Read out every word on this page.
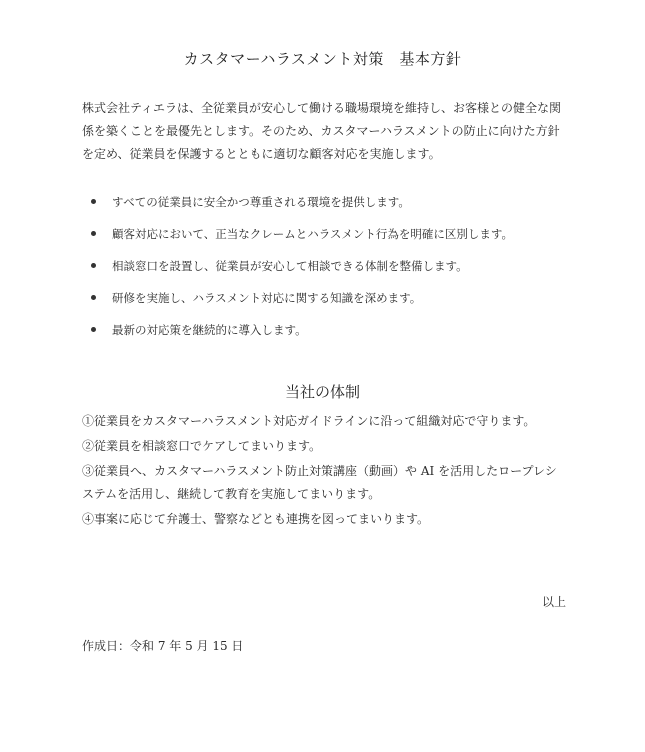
カスタマーハラスメント対策　基本方針
株式会社ティエラは、全従業員が安心して働ける職場環境を維持し、お客様との健全な関係を築くことを最優先とします。そのため、カスタマーハラスメントの防止に向けた方針を定め、従業員を保護するとともに適切な顧客対応を実施します。
すべての従業員に安全かつ尊重される環境を提供します。
顧客対応において、正当なクレームとハラスメント行為を明確に区別します。
相談窓口を設置し、従業員が安心して相談できる体制を整備します。
研修を実施し、ハラスメント対応に関する知識を深めます。
最新の対応策を継続的に導入します。
当社の体制
①従業員をカスタマーハラスメント対応ガイドラインに沿って組織対応で守ります。
②従業員を相談窓口でケアしてまいります。
③従業員へ、カスタマーハラスメント防止対策講座（動画）や AI を活用したロープレシステムを活用し、継続して教育を実施してまいります。
④事案に応じて弁護士、警察などとも連携を図ってまいります。
以上
作成日：令和 7 年 5 月 15 日
